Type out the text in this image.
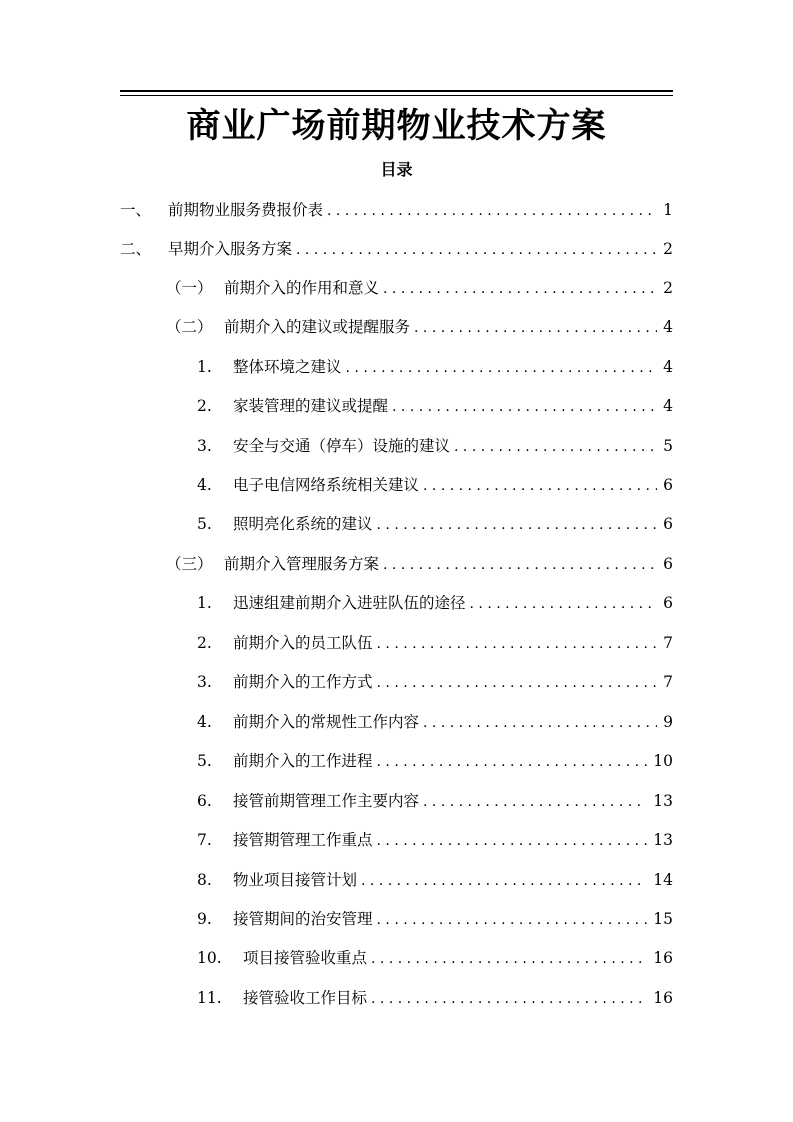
商业广场前期物业技术方案
目录
一、	前期物业服务费报价表 . . .	1
二、	早期介入服务方案 . . .	2
（一） 前期介入的作用和意义 . . .	2
（二） 前期介入的建议或提醒服务 . . .	4
1.	整体环境之建议 . . .	4
2.	家装管理的建议或提醒 . . .	4
3.	安全与交通（停车）设施的建议 . . .	5
4.	电子电信网络系统相关建议 . . .	6
5.	照明亮化系统的建议 . . .	6
（三） 前期介入管理服务方案 . . .	6
1.	迅速组建前期介入进驻队伍的途径 . . .	6
2.	前期介入的员工队伍 . . .	7
3.	前期介入的工作方式 . . .	7
4.	前期介入的常规性工作内容 . . .	9
5.	前期介入的工作进程 . . .	10
6.	接管前期管理工作主要内容 . . .	13
7.	接管期管理工作重点 . . .	13
8.	物业项目接管计划 . . .	14
9.	接管期间的治安管理 . . .	15
10.	项目接管验收重点 . . .	16
11.	接管验收工作目标 . . .	16
